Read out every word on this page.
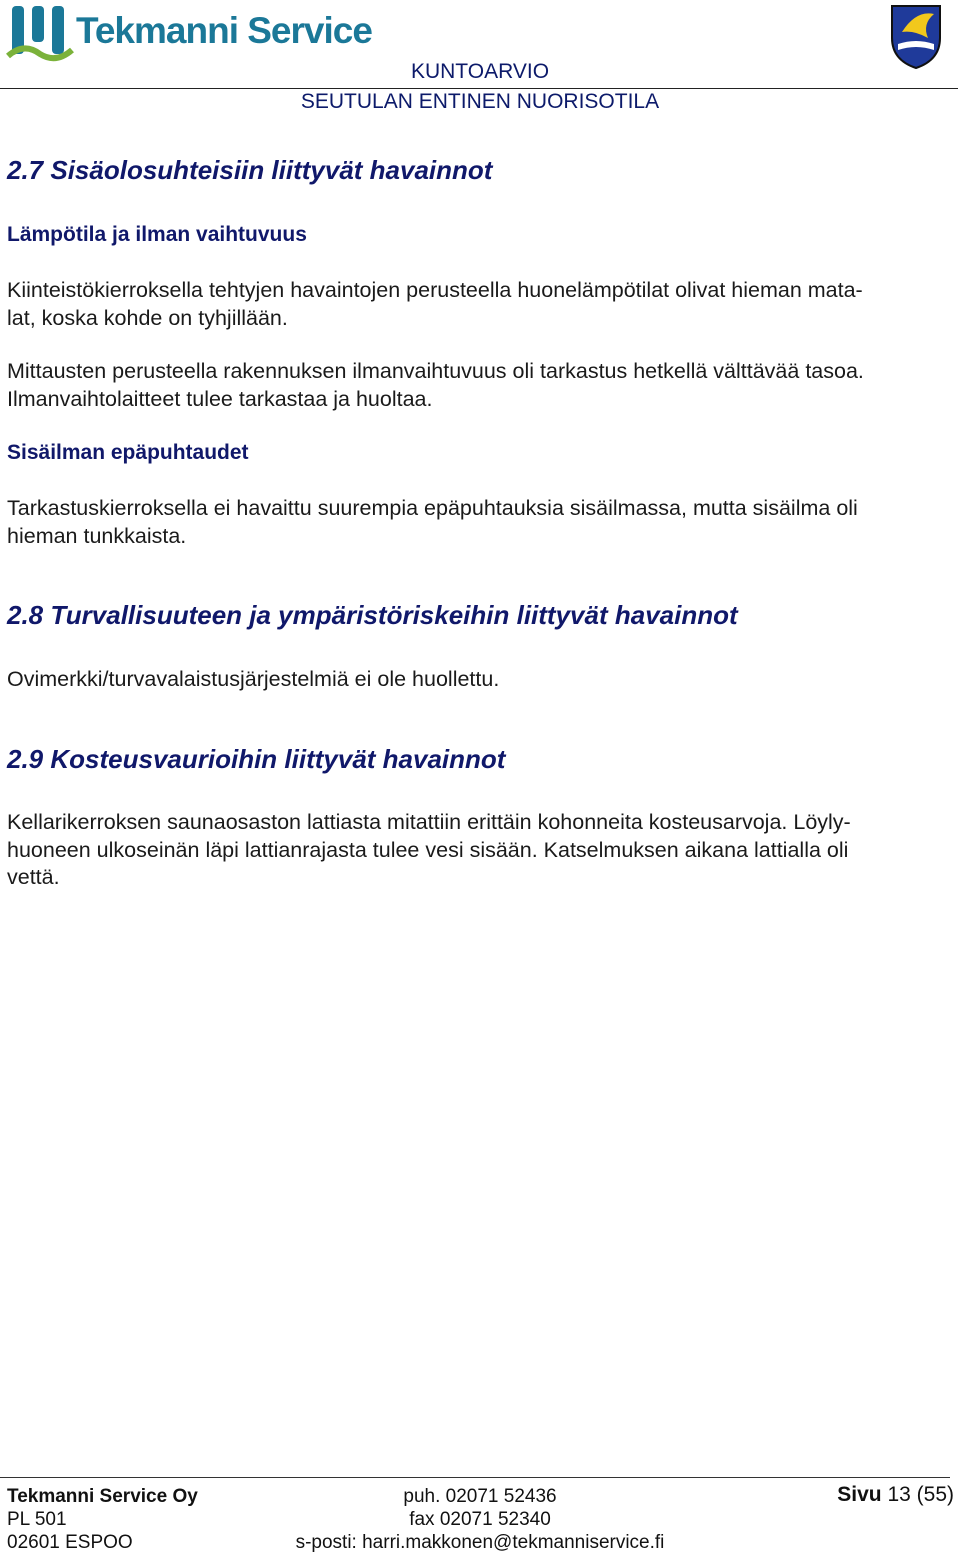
Tekmanni Service
KUNTOARVIO
SEUTULAN ENTINEN NUORISOTILA
2.7 Sisäolosuhteisiin liittyvät havainnot
Lämpötila ja ilman vaihtuvuus
Kiinteistökierroksella tehtyjen havaintojen perusteella huonelämpötilat olivat hieman mata-
lat, koska kohde on tyhjillään.
Mittausten perusteella rakennuksen ilmanvaihtuvuus oli tarkastus hetkellä välttävää tasoa.
Ilmanvaihtolaitteet tulee tarkastaa ja huoltaa.
Sisäilman epäpuhtaudet
Tarkastuskierroksella ei havaittu suurempia epäpuhtauksia sisäilmassa, mutta sisäilma oli
hieman tunkkaista.
2.8 Turvallisuuteen ja ympäristöriskeihin liittyvät havainnot
Ovimerkki/turvavalaistusjärjestelmiä ei ole huollettu.
2.9 Kosteusvaurioihin liittyvät havainnot
Kellarikerroksen saunaosaston lattiasta mitattiin erittäin kohonneita kosteusarvoja. Löyly-
huoneen ulkoseinän läpi lattianrajasta tulee vesi sisään. Katselmuksen aikana lattialla oli
vettä.
Tekmanni Service Oy
PL 501
02601 ESPOO
puh. 02071 52436
fax 02071 52340
s-posti: harri.makkonen@tekmanniservice.fi
Sivu 13 (55)
